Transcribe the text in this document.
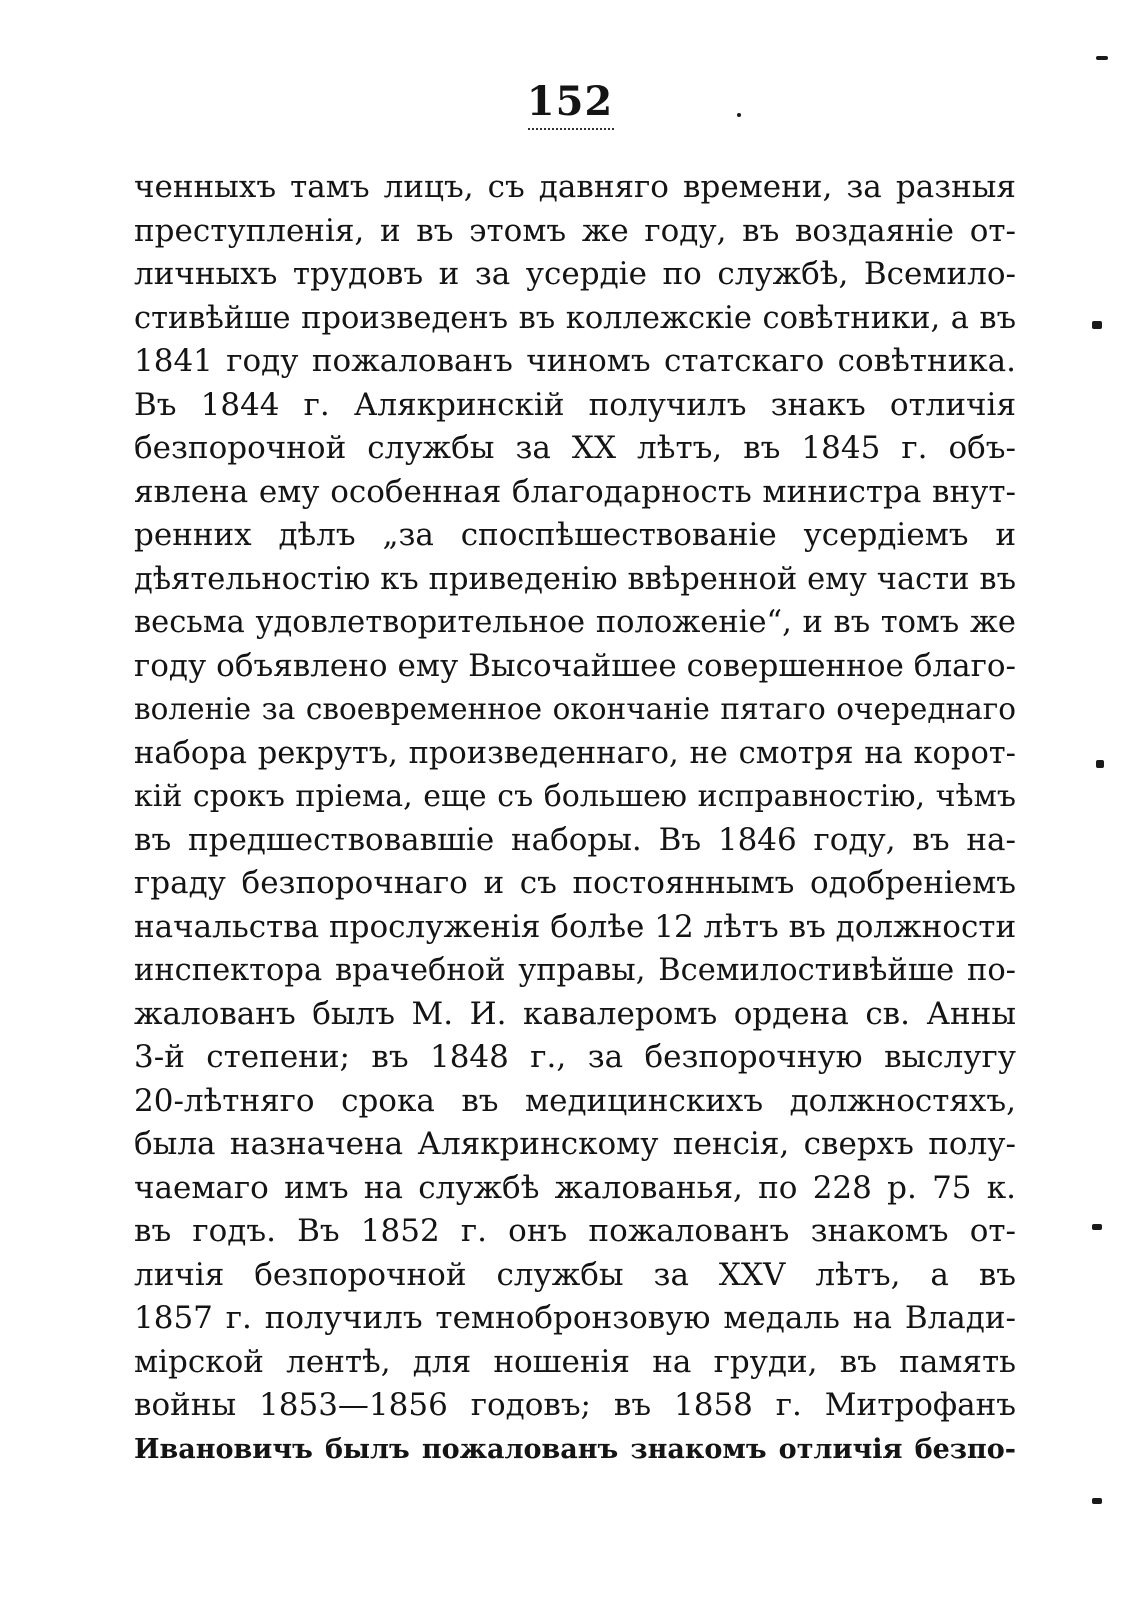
152
ченныхъ тамъ лицъ, съ давняго времени, за разныя
преступленія, и въ этомъ же году, въ воздаяніе от-
личныхъ трудовъ и за усердіе по службѣ, Всемило-
стивѣйше произведенъ въ коллежскіе совѣтники, а въ
1841 году пожалованъ чиномъ статскаго совѣтника.
Въ 1844 г. Алякринскій получилъ знакъ отличія
безпорочной службы за XX лѣтъ, въ 1845 г. объ-
явлена ему особенная благодарность министра внут-
ренних дѣлъ „за споспѣшествованіе усердіемъ и
дѣятельностію къ приведенію ввѣренной ему части въ
весьма удовлетворительное положеніе“, и въ томъ же
году объявлено ему Высочайшее совершенное благо-
воленіе за своевременное окончаніе пятаго очереднаго
набора рекрутъ, произведеннаго, не смотря на корот-
кій срокъ пріема, еще съ большею исправностію, чѣмъ
въ предшествовавшіе наборы. Въ 1846 году, въ на-
граду безпорочнаго и съ постояннымъ одобреніемъ
начальства прослуженія болѣе 12 лѣтъ въ должности
инспектора врачебной управы, Всемилостивѣйше по-
жалованъ былъ М. И. кавалеромъ ордена св. Анны
3-й степени; въ 1848 г., за безпорочную выслугу
20-лѣтняго срока въ медицинскихъ должностяхъ,
была назначена Алякринскому пенсія, сверхъ полу-
чаемаго имъ на службѣ жалованья, по 228 р. 75 к.
въ годъ. Въ 1852 г. онъ пожалованъ знакомъ от-
личія безпорочной службы за XXV лѣтъ, а въ
1857 г. получилъ темнобронзовую медаль на Влади-
мірской лентѣ, для ношенія на груди, въ память
войны 1853—1856 годовъ; въ 1858 г. Митрофанъ
Ивановичъ былъ пожалованъ знакомъ отличія безпо-
